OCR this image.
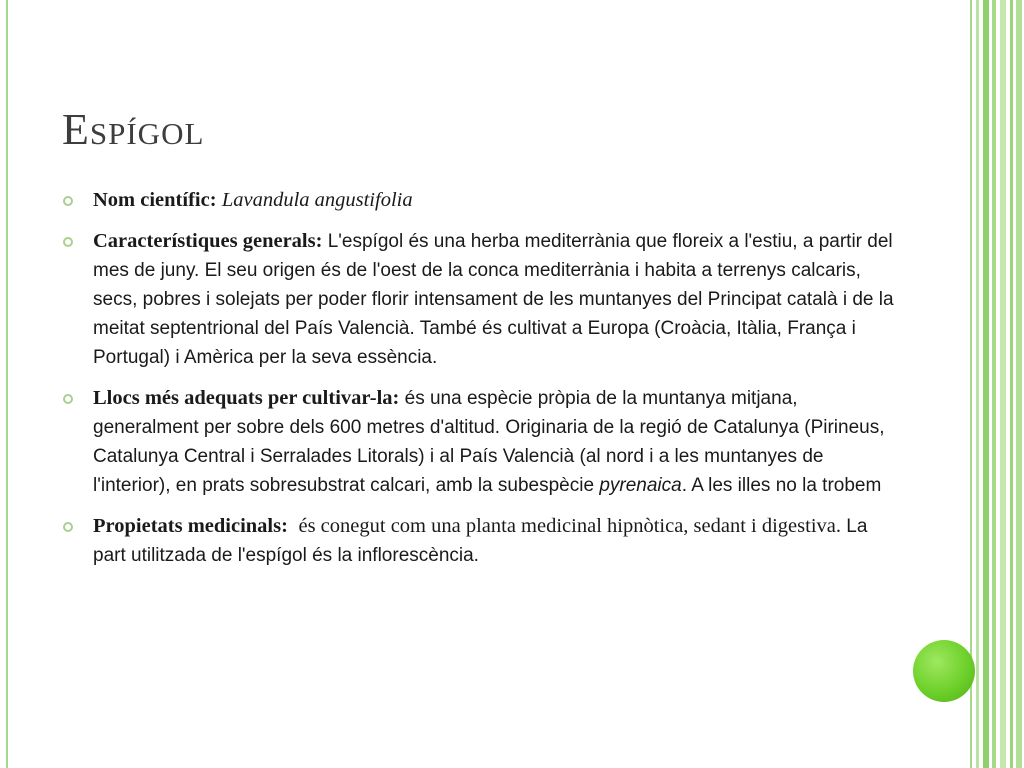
Espígol
Nom científic: Lavandula angustifolia
Característiques generals: L'espígol és una herba mediterrània que floreix a l'estiu, a partir del mes de juny. El seu origen és de l'oest de la conca mediterrània i habita a terrenys calcaris, secs, pobres i solejats per poder florir intensament de les muntanyes del Principat català i de la meitat septentrional del País Valencià. També és cultivat a Europa (Croàcia, Itàlia, França i Portugal) i Amèrica per la seva essència.
Llocs més adequats per cultivar-la: és una espècie pròpia de la muntanya mitjana, generalment per sobre dels 600 metres d'altitud. Originaria de la regió de Catalunya (Pirineus, Catalunya Central i Serralades Litorals) i al País Valencià (al nord i a les muntanyes de l'interior), en prats sobresubstrat calcari, amb la subespècie pyrenaica. A les illes no la trobem
Propietats medicinals: és conegut com una planta medicinal hipnòtica, sedant i digestiva. La part utilitzada de l'espígol és la inflorescència.
